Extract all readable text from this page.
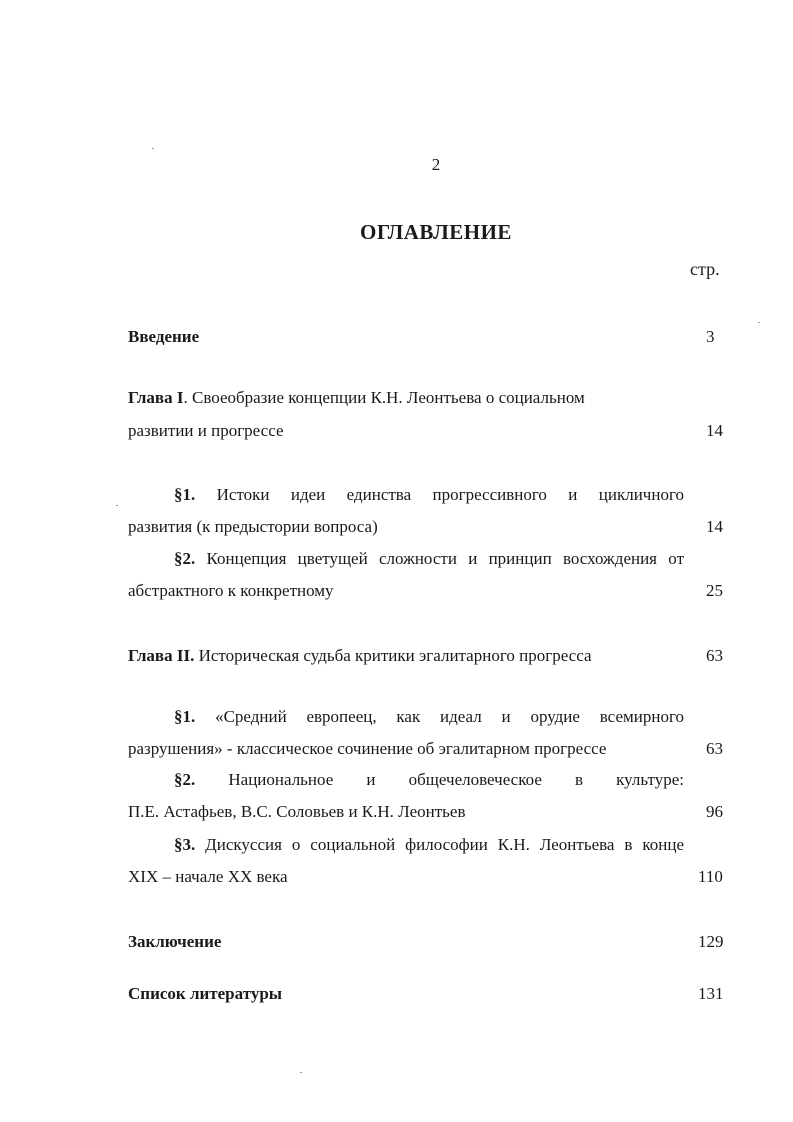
2
ОГЛАВЛЕНИЕ
стр.
Введение	3
Глава I. Своеобразие концепции К.Н. Леонтьева о социальном
развитии и прогрессе	14
§1. Истоки идеи единства прогрессивного и цикличного
развития (к предыстории вопроса)	14
§2. Концепция цветущей сложности и принцип восхождения от
абстрактного к конкретному	25
Глава II. Историческая судьба критики эгалитарного прогресса	63
§1. «Средний европеец, как идеал и орудие всемирного
разрушения» - классическое сочинение об эгалитарном прогрессе	63
§2. Национальное и общечеловеческое в культуре:
П.Е. Астафьев, В.С. Соловьев и К.Н. Леонтьев	96
§3. Дискуссия о социальной философии К.Н. Леонтьева в конце
XIX – начале XX века	110
Заключение	129
Список литературы	131
